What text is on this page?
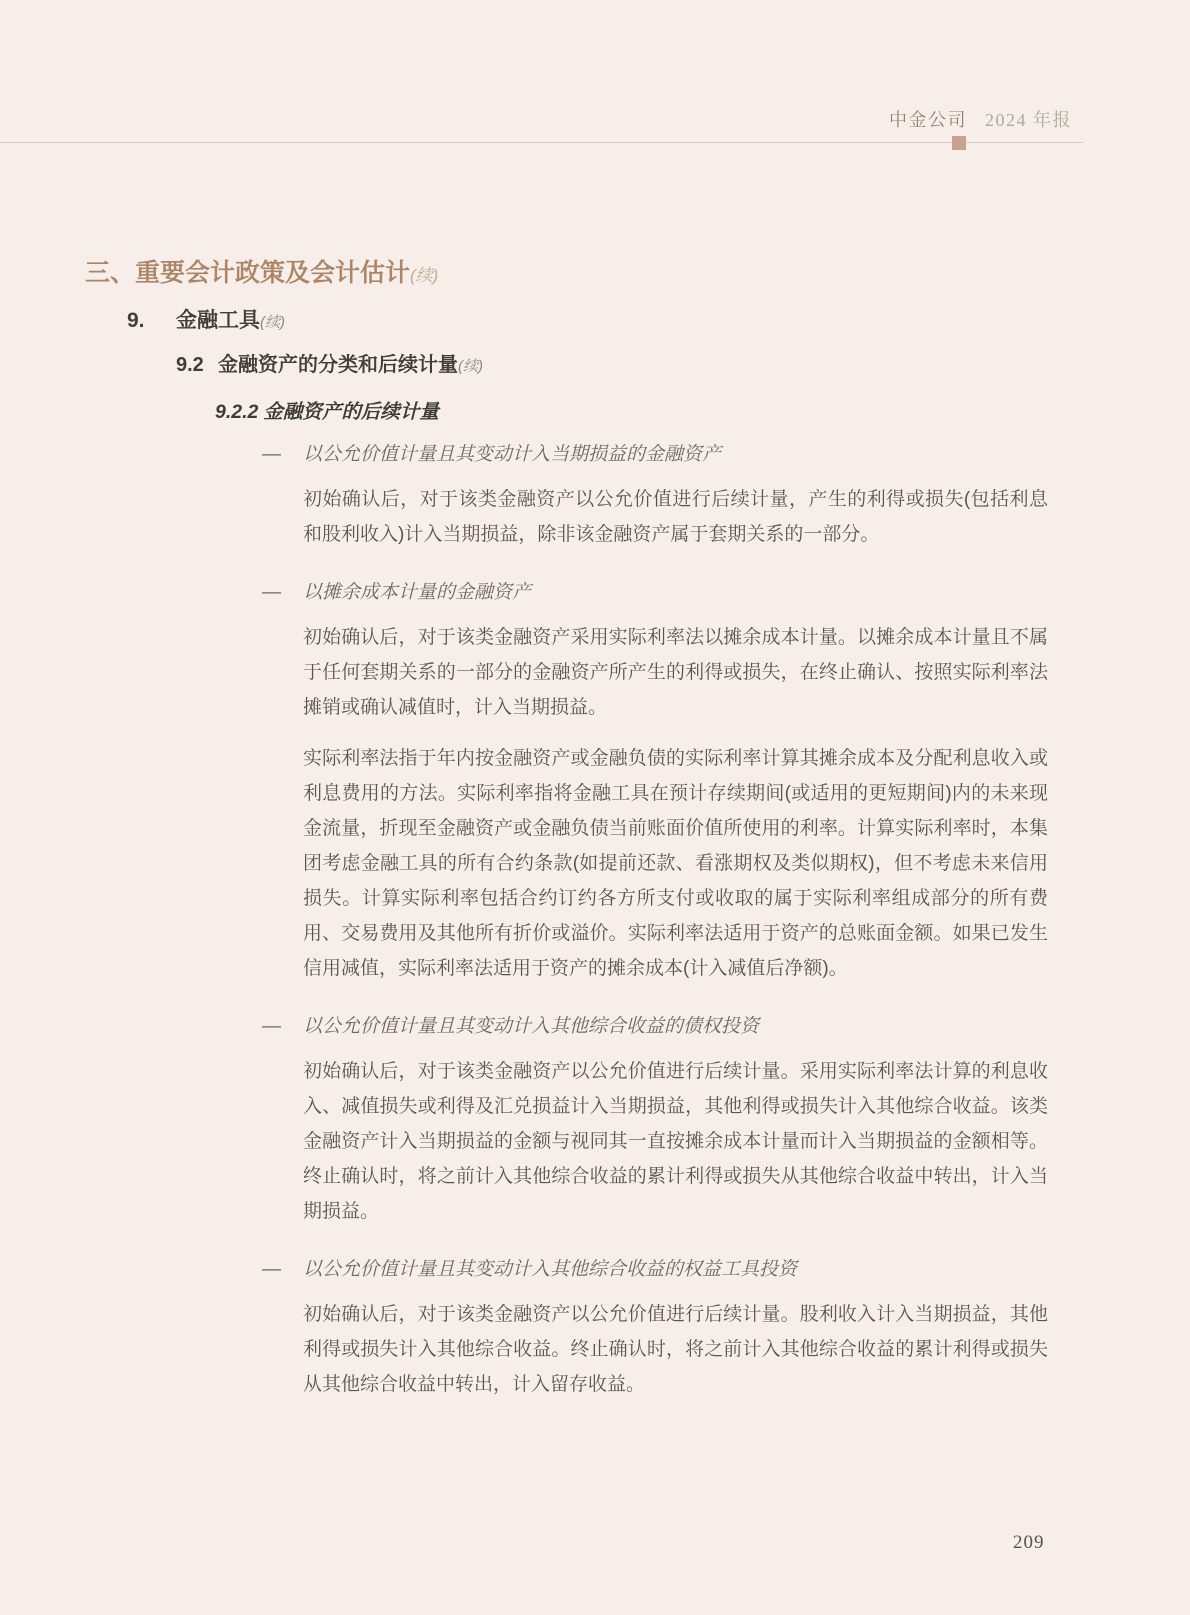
中金公司 2024 年报
三、重要会计政策及会计估计(续)
9.	金融工具(续)
9.2 金融资产的分类和后续计量(续)
9.2.2 金融资产的后续计量
—	以公允价值计量且其变动计入当期损益的金融资产

初始确认后，对于该类金融资产以公允价值进行后续计量，产生的利得或损失(包括利息和股利收入)计入当期损益，除非该金融资产属于套期关系的一部分。

—	以摊余成本计量的金融资产

初始确认后，对于该类金融资产采用实际利率法以摊余成本计量。以摊余成本计量且不属于任何套期关系的一部分的金融资产所产生的利得或损失，在终止确认、按照实际利率法摊销或确认减值时，计入当期损益。

实际利率法指于年内按金融资产或金融负债的实际利率计算其摊余成本及分配利息收入或利息费用的方法。实际利率指将金融工具在预计存续期间(或适用的更短期间)内的未来现金流量，折现至金融资产或金融负债当前账面价值所使用的利率。计算实际利率时，本集团考虑金融工具的所有合约条款(如提前还款、看涨期权及类似期权)，但不考虑未来信用损失。计算实际利率包括合约订约各方所支付或收取的属于实际利率组成部分的所有费用、交易费用及其他所有折价或溢价。实际利率法适用于资产的总账面金额。如果已发生信用减值，实际利率法适用于资产的摊余成本(计入减值后净额)。

—	以公允价值计量且其变动计入其他综合收益的债权投资

初始确认后，对于该类金融资产以公允价值进行后续计量。采用实际利率法计算的利息收入、减值损失或利得及汇兑损益计入当期损益，其他利得或损失计入其他综合收益。该类金融资产计入当期损益的金额与视同其一直按摊余成本计量而计入当期损益的金额相等。终止确认时，将之前计入其他综合收益的累计利得或损失从其他综合收益中转出，计入当期损益。

—	以公允价值计量且其变动计入其他综合收益的权益工具投资

初始确认后，对于该类金融资产以公允价值进行后续计量。股利收入计入当期损益，其他利得或损失计入其他综合收益。终止确认时，将之前计入其他综合收益的累计利得或损失从其他综合收益中转出，计入留存收益。

209
